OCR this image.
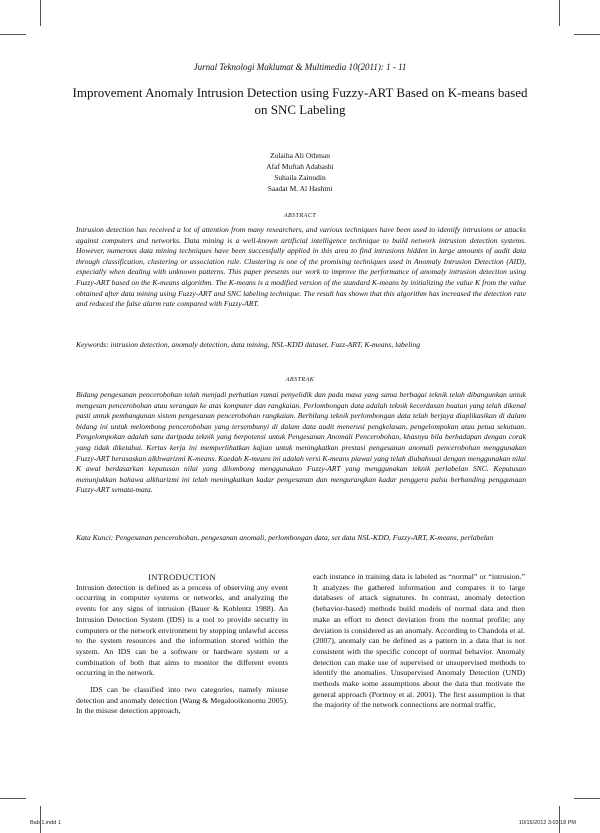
Jurnal Teknologi Maklumat & Multimedia 10(2011): 1 - 11
Improvement Anomaly Intrusion Detection using Fuzzy-ART Based on K-means based on SNC Labeling
Zulaiha Ali Othman
Afaf Muftah Adabashi
Suhaila Zainudin
Saadat M. Al Hashmi
ABSTRACT

Intrusion detection has received a lot of attention from many researchers, and various techniques have been used to identify intrusions or attacks against computers and networks. Data mining is a well-known artificial intelligence technique to build network intrusion detection systems. However, numerous data mining techniques have been successfully applied in this area to find intrusions hidden in large amounts of audit data through classification, clustering or association rule. Clustering is one of the promising techniques used in Anomaly Intrusion Detection (AID), especially when dealing with unknown patterns. This paper presents our work to improve the performance of anomaly intrusion detection using Fuzzy-ART based on the K-means algorithm. The K-means is a modified version of the standard K-means by initializing the value K from the value obtained after data mining using Fuzzy-ART and SNC labeling technique. The result has shown that this algorithm has increased the detection rate and reduced the false alarm rate compared with Fuzzy-ART.

Keywords: intrusion detection, anomaly detection, data mining, NSL-KDD dataset, Fuzz-ART, K-means, labeling

ABSTRAK

Bidang pengesanan pencerobohan telah menjadi perhatian ramai penyelidik dan pada masa yang sama berbagai teknik telah dibangunkan untuk mengesan pencerobohan atau serangan ke atas komputer dan rangkaian. Perlombongan data adalah teknik kecerdasan buatan yang telah dikenal pasti untuk pembangunan sistem pengesanan pencerobohan rangkaian. Berbilang teknik perlombongan data telah berjaya diaplikasikan di dalam bidang ini untuk melombong pencerobohan yang tersembunyi di dalam data audit menerusi pengkelasan, pengelompokan atau petua sekutuan. Pengelompokan adalah satu daripada teknik yang berpotensi untuk Pengesanan Anomali Pencerobohan, khasnya bila berhadapan dengan corak yang tidak diketahui. Kertas kerja ini memperlihatkan kajian untuk meningkatkan prestasi pengesanan anomali pencerobohan menggunakan Fuzzy-ART berasaskan alkhwarizmi K-means. Kaedah K-means ini adalah versi K-means piawai yang telah diubahsuai dengan menggunakan nilai K awal berdasarkan keputusan nilai yang dilombong menggunakan Fuzzy-ART yang menggunakan teknik perlabelan SNC. Keputusan menunjukkan bahawa alkharizmi ini telah meningkatkan kadar pengesanan dan mengurangkan kadar penggera palsu berbanding penggunaan Fuzzy-ART semata-mata.

Kata Kunci: Pengesanan pencerobohan, pengesanan anomali, perlombongan data, set data NSL-KDD, Fuzzy-ART, K-means, perlabelan

INTRODUCTION

Intrusion detection is defined as a process of observing any event occurring in computer systems or networks, and analyzing the events for any signs of intrusion (Bauer & Koblentz 1988). An Intrusion Detection System (IDS) is a tool to provide security in computers or the network environment by stopping unlawful access to the system resources and the information stored within the system. An IDS can be a software or hardware system or a combination of both that aims to monitor the different events occurring in the network.

IDS can be classified into two categories, namely misuse detection and anomaly detection (Wang & Megalooikonomu 2005). In the misuse detection approach,

each instance in training data is labeled as “normal” or “intrusion.” It analyzes the gathered information and compares it to large databases of attack signatures. In contrast, anomaly detection (behavior-based) methods build models of normal data and then make an effort to detect deviation from the normal profile; any deviation is considered as an anomaly. According to Chandola et al. (2007), anomaly can be defined as a pattern in a data that is not consistent with the specific concept of normal behavior. Anomaly detection can make use of supervised or unsupervised methods to identify the anomalies. Unsupervised Anomaly Detection (UND) methods make some assumptions about the data that motivate the general approach (Portnoy et al. 2001). The first assumption is that the majority of the network connections are normal traffic,

Bab 1.indd 1	10/15/2012 3:03:18 PM
